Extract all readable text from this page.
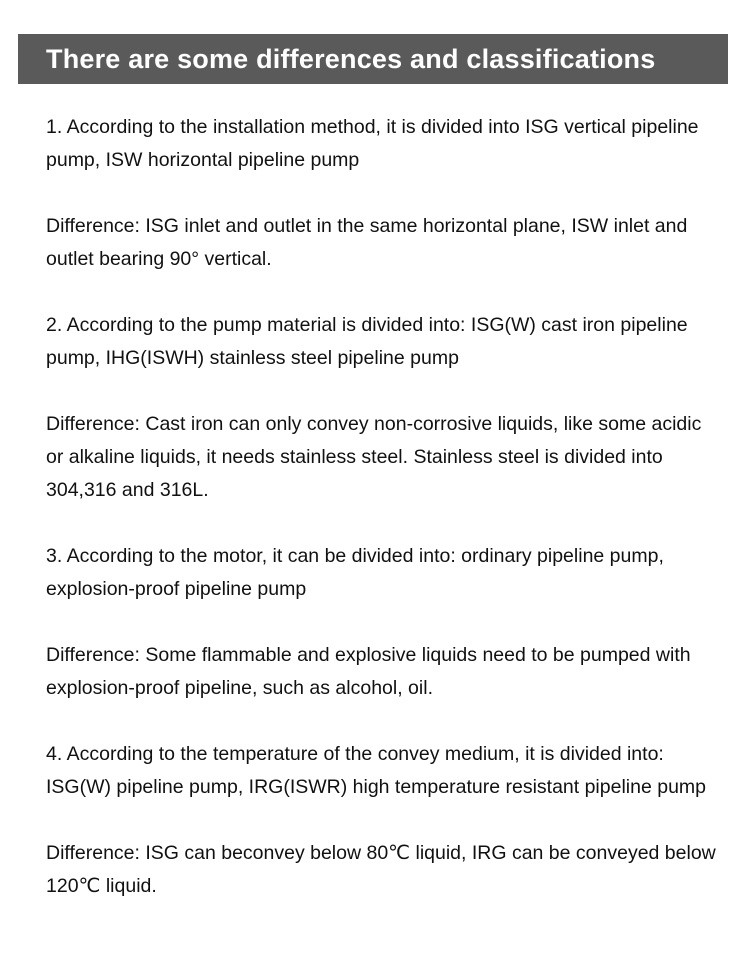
There are some differences and classifications

1. According to the installation method, it is divided into ISG vertical pipeline pump, ISW horizontal pipeline pump

Difference: ISG inlet and outlet in the same horizontal plane, ISW inlet and outlet bearing 90° vertical.

2. According to the pump material is divided into: ISG(W) cast iron pipeline pump, IHG(ISWH) stainless steel pipeline pump

Difference: Cast iron can only convey non-corrosive liquids, like some acidic or alkaline liquids, it needs stainless steel. Stainless steel is divided into 304,316 and 316L.

3. According to the motor, it can be divided into: ordinary pipeline pump, explosion-proof pipeline pump

Difference: Some flammable and explosive liquids need to be pumped with explosion-proof pipeline, such as alcohol, oil.

4. According to the temperature of the convey medium, it is divided into: ISG(W) pipeline pump, IRG(ISWR) high temperature resistant pipeline pump

Difference: ISG can beconvey below 80℃ liquid, IRG can be conveyed below 120℃ liquid.
